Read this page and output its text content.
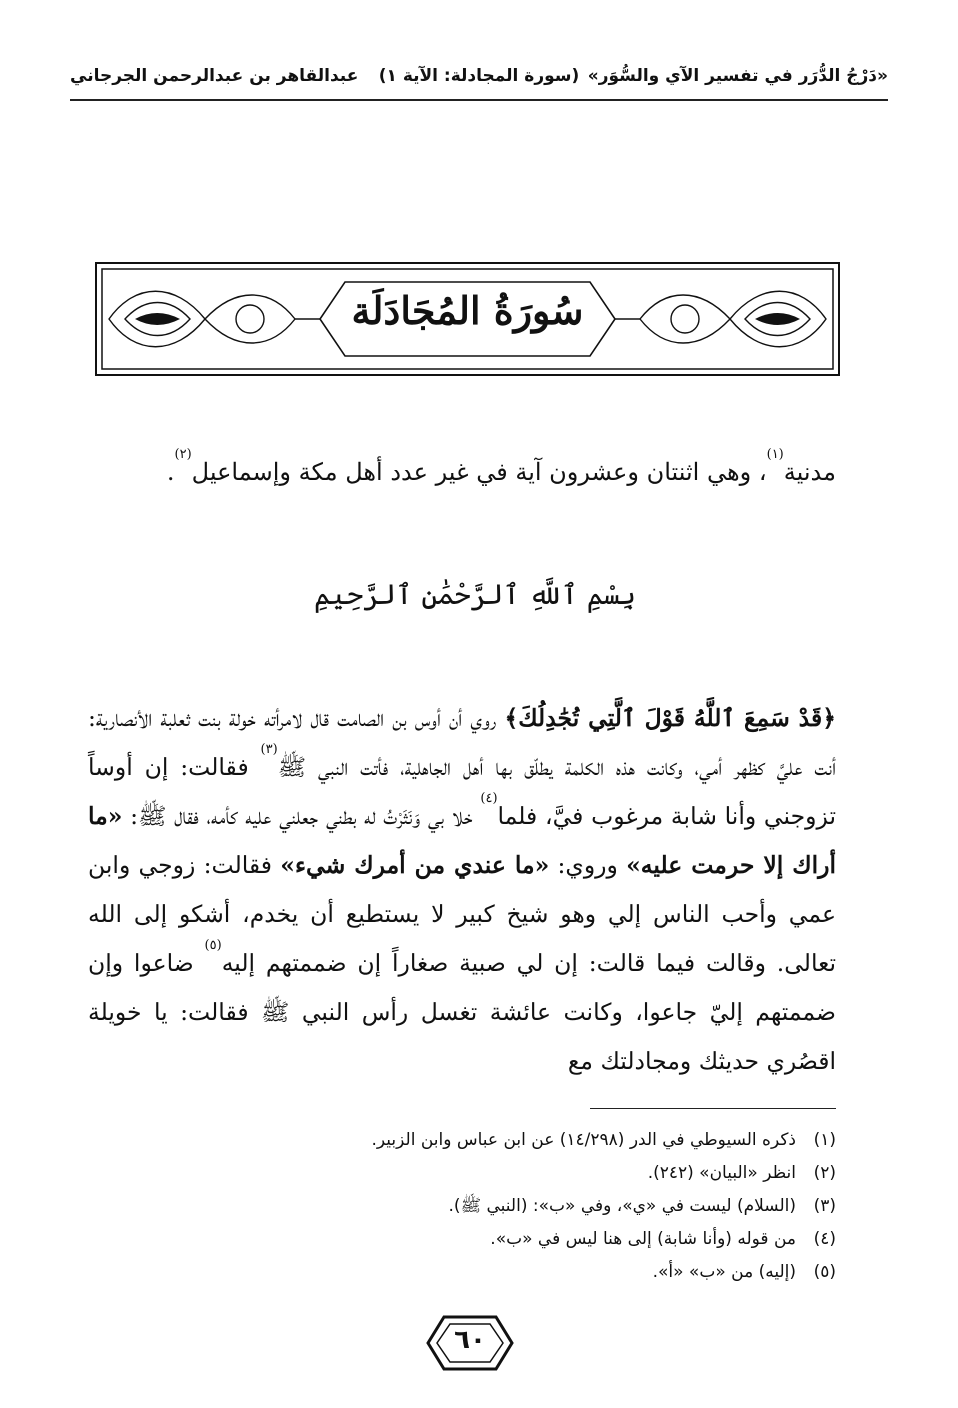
«دَرْجُ الدُّرَر في تفسير الآي والسُّوَر»
(سورة المجادلة: الآية ١)
عبدالقاهر بن عبدالرحمن الجرجاني
سُورَةُ المُجَادَلَة
مدنية$^{(١)}$، وهي اثنتان وعشرون آية في غير عدد أهل مكة وإسماعيل$^{(٢)}$.
بِسْمِ ٱللَّهِ ٱلرَّحْمَٰنِ ٱلرَّحِيمِ
﴿قَدْ سَمِعَ ٱللَّهُ قَوْلَ ٱلَّتِي تُجَٰدِلُكَ﴾ روي أن أوس بن الصامت قال لامرأته خولة بنت ثعلبة الأنصارية: أنت عليَّ كظهر أمي، وكانت هذه الكلمة يطلّق بها أهل الجاهلية، فأتت النبي ﷺ$^{(٣)}$ فقالت: إن أوساً تزوجني وأنا شابة مرغوب فيَّ، فلما$^{(٤)}$ خلا بي وَنَثَرْتُ له بطني جعلني عليه كأمه، فقال ﷺ: «ما أراك إلا حرمت عليه» وروي: «ما عندي من أمرك شيء» فقالت: زوجي وابن عمي وأحب الناس إلي وهو شيخ كبير لا يستطيع أن يخدم، أشكو إلى الله تعالى. وقالت فيما قالت: إن لي صبية صغاراً إن ضممتهم إليه$^{(٥)}$ ضاعوا وإن ضممتهم إليّ جاعوا، وكانت عائشة تغسل رأس النبي ﷺ فقالت: يا خويلة اقصُري حديثك ومجادلتك مع
(١)ذكره السيوطي في الدر (١٤/٢٩٨) عن ابن عباس وابن الزبير.
(٢)انظر «البيان» (٢٤٢).
(٣)(السلام) ليست في «ي»، وفي «ب»: (النبي ﷺ).
(٤)من قوله (وأنا شابة) إلى هنا ليس في «ب».
(٥)(إليه) من «ب» «أ».
٦٠
